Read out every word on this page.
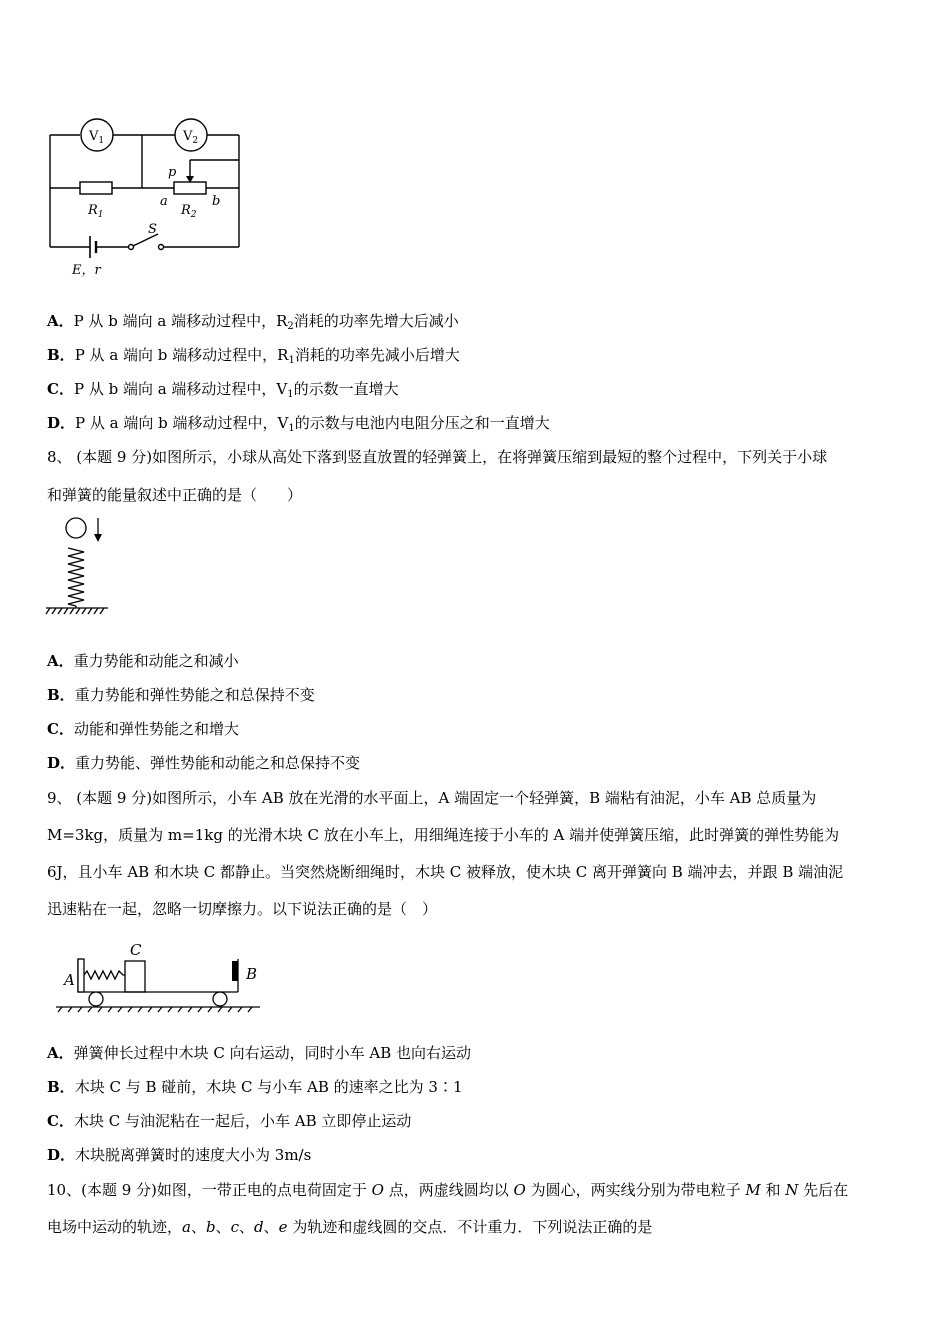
$V_1$	$V_2$
$R_1$	$R_2$
a	b
p
S
E，r
A．P 从 b 端向 a 端移动过程中，$R_2$消耗的功率先增大后减小
B．P 从 a 端向 b 端移动过程中，$R_1$消耗的功率先减小后增大
C．P 从 b 端向 a 端移动过程中，$V_1$的示数一直增大
D．P 从 a 端向 b 端移动过程中，$V_1$的示数与电池内电阻分压之和一直增大
8、 (本题 9 分)如图所示，小球从高处下落到竖直放置的轻弹簧上，在将弹簧压缩到最短的整个过程中，下列关于小球
和弹簧的能量叙述中正确的是（　　）
A．重力势能和动能之和减小
B．重力势能和弹性势能之和总保持不变
C．动能和弹性势能之和增大
D．重力势能、弹性势能和动能之和总保持不变
9、 (本题 9 分)如图所示，小车 AB 放在光滑的水平面上，A 端固定一个轻弹簧，B 端粘有油泥，小车 AB 总质量为
M=3kg，质量为 m=1kg 的光滑木块 C 放在小车上，用细绳连接于小车的 A 端并使弹簧压缩，此时弹簧的弹性势能为
6J，且小车 AB 和木块 C 都静止。当突然烧断细绳时，木块 C 被释放，使木块 C 离开弹簧向 B 端冲去，并跟 B 端油泥
迅速粘在一起，忽略一切摩擦力。以下说法正确的是（　）
A	B
C
A．弹簧伸长过程中木块 C 向右运动，同时小车 AB 也向右运动
B．木块 C 与 B 碰前，木块 C 与小车 AB 的速率之比为 3∶1
C．木块 C 与油泥粘在一起后，小车 AB 立即停止运动
D．木块脱离弹簧时的速度大小为 3m/s
10、(本题 9 分)如图，一带正电的点电荷固定于 O 点，两虚线圆均以 O 为圆心，两实线分别为带电粒子 M 和 N 先后在
电场中运动的轨迹，a、b、c、d、e 为轨迹和虚线圆的交点．不计重力．下列说法正确的是
